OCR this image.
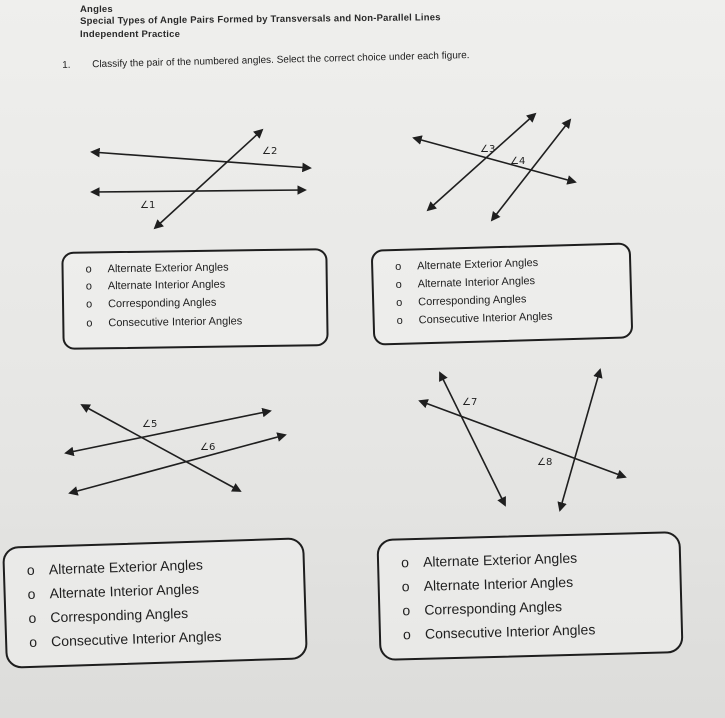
Angles
Special Types of Angle Pairs Formed by Transversals and Non-Parallel Lines
Independent Practice
1. Classify the pair of the numbered angles. Select the correct choice under each figure.
∠2
∠1
∠3
∠4
o Alternate Exterior Angles
o Alternate Interior Angles
o Corresponding Angles
o Consecutive Interior Angles
o Alternate Exterior Angles
o Alternate Interior Angles
o Corresponding Angles
o Consecutive Interior Angles
∠5
∠6
∠7
∠8
o Alternate Exterior Angles
o Alternate Interior Angles
o Corresponding Angles
o Consecutive Interior Angles
o Alternate Exterior Angles
o Alternate Interior Angles
o Corresponding Angles
o Consecutive Interior Angles
